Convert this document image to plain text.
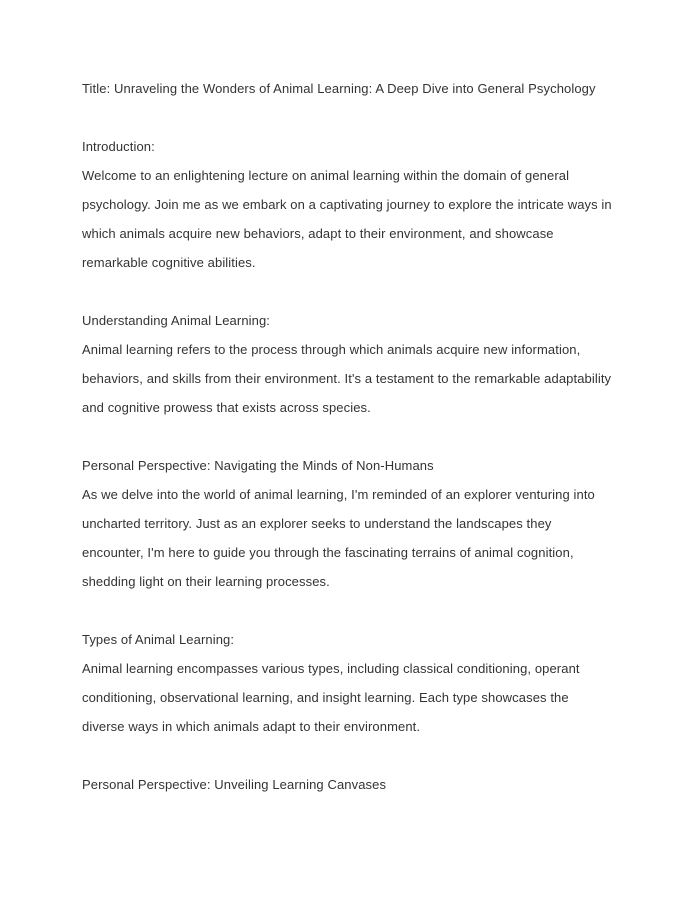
Title: Unraveling the Wonders of Animal Learning: A Deep Dive into General Psychology

Introduction:
Welcome to an enlightening lecture on animal learning within the domain of general psychology. Join me as we embark on a captivating journey to explore the intricate ways in which animals acquire new behaviors, adapt to their environment, and showcase remarkable cognitive abilities.
Understanding Animal Learning:
Animal learning refers to the process through which animals acquire new information, behaviors, and skills from their environment. It's a testament to the remarkable adaptability and cognitive prowess that exists across species.
Personal Perspective: Navigating the Minds of Non-Humans
As we delve into the world of animal learning, I'm reminded of an explorer venturing into uncharted territory. Just as an explorer seeks to understand the landscapes they encounter, I'm here to guide you through the fascinating terrains of animal cognition, shedding light on their learning processes.
Types of Animal Learning:
Animal learning encompasses various types, including classical conditioning, operant conditioning, observational learning, and insight learning. Each type showcases the diverse ways in which animals adapt to their environment.

Personal Perspective: Unveiling Learning Canvases
